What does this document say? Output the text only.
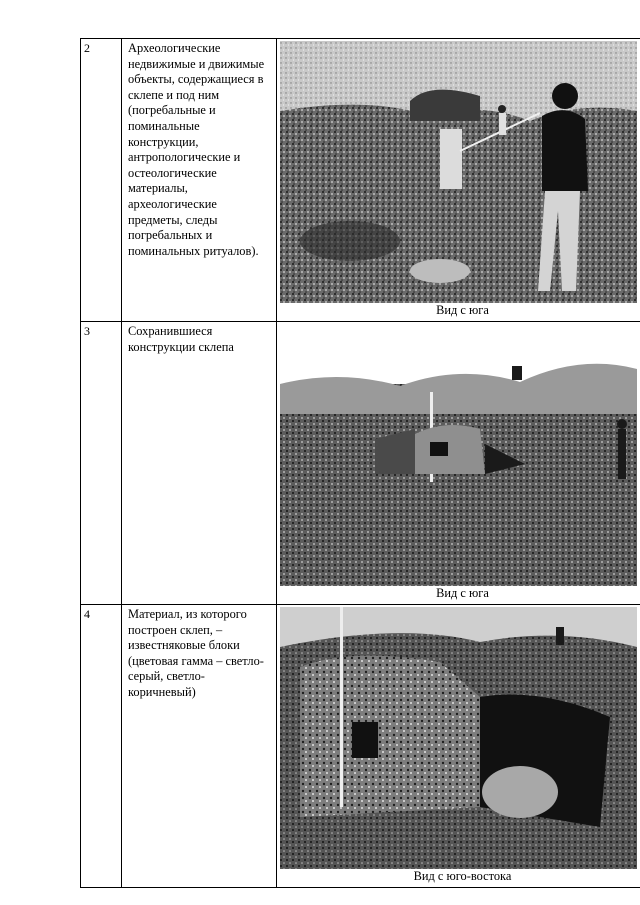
2	Археологические недвижимые и движимые объекты, содержащиеся в склепе и под ним (погребальные и поминальные конструкции, антропологические и остеологические материалы, археологические предметы, следы погребальных и поминальных ритуалов).	Вид с юга

3	Сохранившиеся конструкции склепа	Вид с юга

4	Материал, из которого построен склеп, – известняковые блоки (цветовая гамма – светло-серый, светло-коричневый)	Вид с юго-востока
